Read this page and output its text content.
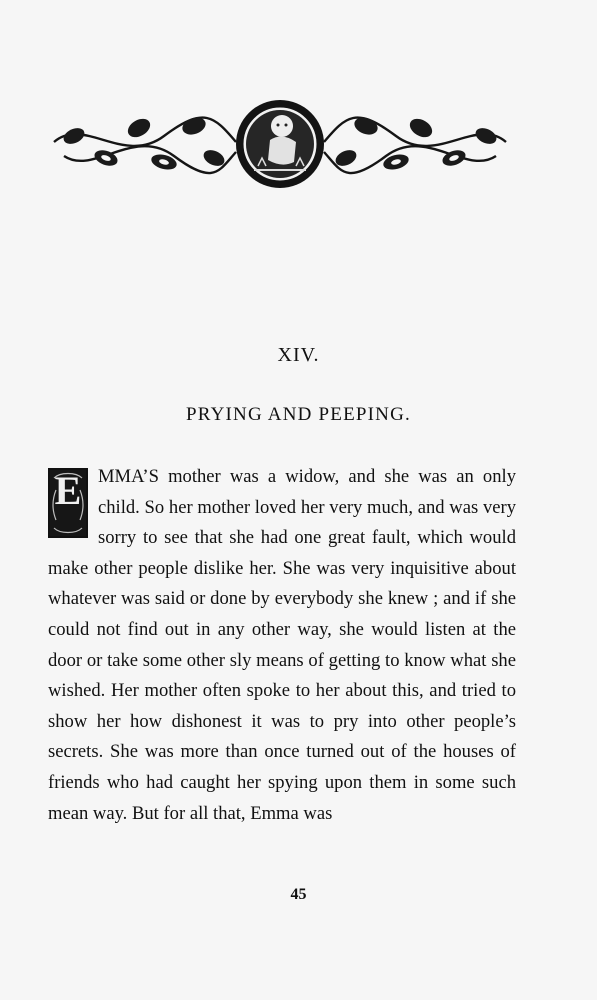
XIV.
PRYING AND PEEPING.
E MMA’S mother was a widow, and she was an only child. So her mother loved her very much, and was very sorry to see that she had one great fault, which would make other people dislike her. She was very inquisitive about whatever was said or done by everybody she knew ; and if she could not find out in any other way, she would listen at the door or take some other sly means of getting to know what she wished. Her mother often spoke to her about this, and tried to show her how dishonest it was to pry into other people’s secrets. She was more than once turned out of the houses of friends who had caught her spying upon them in some such mean way. But for all that, Emma was

45
